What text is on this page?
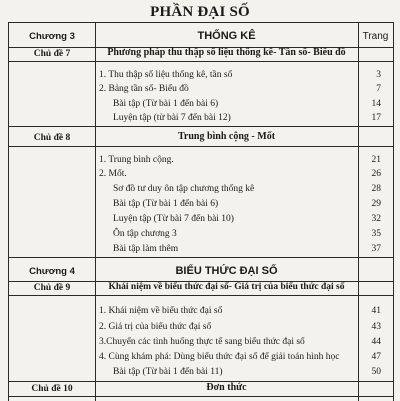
PHẦN ĐẠI SỐ
Chương 3	THỐNG KÊ	Trang
Chủ đề 7	Phương pháp thu thập số liệu thống kê- Tần số- Biểu đồ
1. Thu thập số liệu thống kê, tần số	3
2. Bảng tần số- Biểu đồ	7
Bài tập (Từ bài 1 đến bài 6)	14
Luyện tập (từ bài 7 đến bài 12)	17
Chủ đề 8	Trung bình cộng - Mốt
1. Trung bình cộng.	21
2. Mốt.	26
Sơ đồ tư duy ôn tập chương thống kê	28
Bài tập (Từ bài 1 đến bài 6)	29
Luyện tập (Từ bài 7 đến bài 10)	32
Ôn tập chương 3	35
Bài tập làm thêm	37
Chương 4	BIỂU THỨC ĐẠI SỐ
Chủ đề 9	Khái niệm về biểu thức đại số- Giá trị của biểu thức đại số
1. Khái niệm về biểu thức đại số	41
2. Giá trị của biểu thức đại số	43
3.Chuyển các tình huống thực tế sang biểu thức đại số	44
4. Cùng khám phá: Dùng biểu thức đại số để giải toán hình học	47
Bài tập (Từ bài 1 đến bài 11)	50
Chủ đề 10	Đơn thức
